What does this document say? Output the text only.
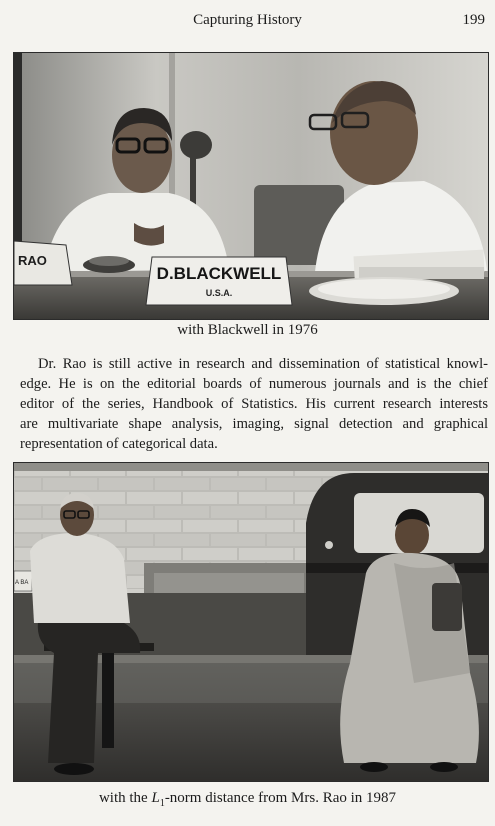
Capturing History	199
RAO
D.BLACKWELL
U.S.A.
with Blackwell in 1976
Dr. Rao is still active in research and dissemination of statistical knowl-
edge. He is on the editorial boards of numerous journals and is the chief
editor of the series, Handbook of Statistics. His current research interests
are multivariate shape analysis, imaging, signal detection and graphical
representation of categorical data.
A BA
with the $L_1$-norm distance from Mrs. Rao in 1987
